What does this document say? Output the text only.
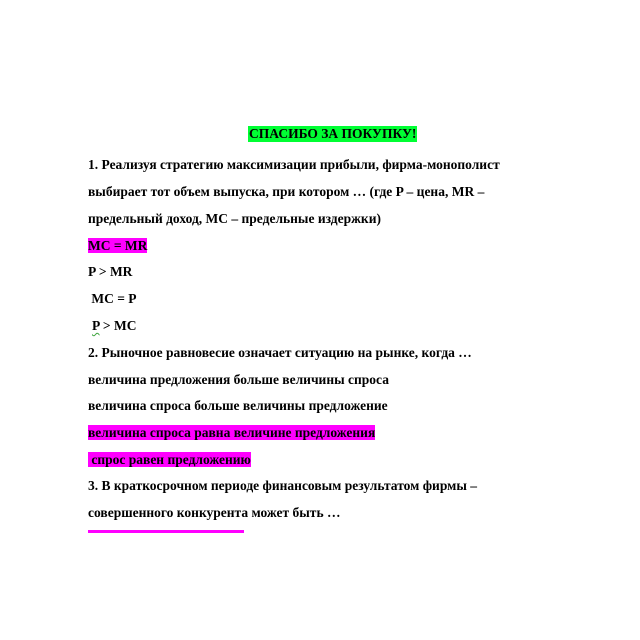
СПАСИБО ЗА ПОКУПКУ!
1. Реализуя стратегию максимизации прибыли, фирма-монополист
выбирает тот объем выпуска, при котором … (где P – цена, MR –
предельный доход, MC – предельные издержки)
MC = MR
P > MR
MC = P
P > MC
2. Рыночное равновесие означает ситуацию на рынке, когда …
величина предложения больше величины спроса
величина спроса больше величины предложение
величина спроса равна величине предложения
спрос равен предложению
3. В краткосрочном периоде финансовым результатом фирмы –
совершенного конкурента может быть …
